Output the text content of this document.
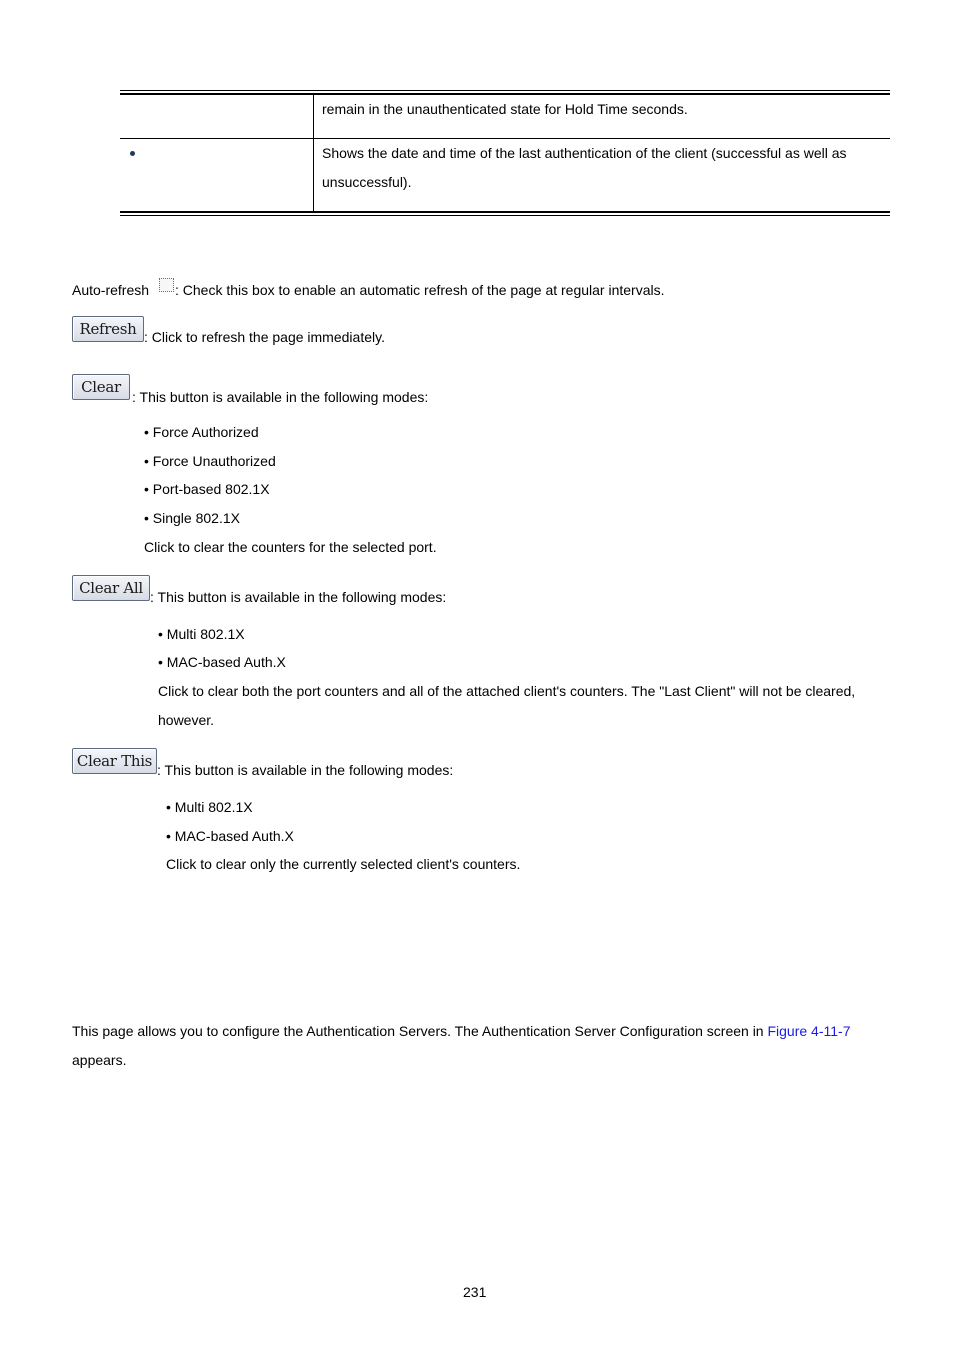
remain in the unauthenticated state for Hold Time seconds.
Shows the date and time of the last authentication of the client (successful as well as unsuccessful).
Auto-refresh : Check this box to enable an automatic refresh of the page at regular intervals.
Refresh : Click to refresh the page immediately.
Clear
: This button is available in the following modes:
• Force Authorized
• Force Unauthorized
• Port-based 802.1X
• Single 802.1X
Click to clear the counters for the selected port.
Clear All : This button is available in the following modes:
• Multi 802.1X
• MAC-based Auth.X
Click to clear both the port counters and all of the attached client's counters. The "Last Client" will not be cleared,
however.
Clear This : This button is available in the following modes:
• Multi 802.1X
• MAC-based Auth.X
Click to clear only the currently selected client's counters.
This page allows you to configure the Authentication Servers. The Authentication Server Configuration screen in Figure 4-11-7
appears.
231
